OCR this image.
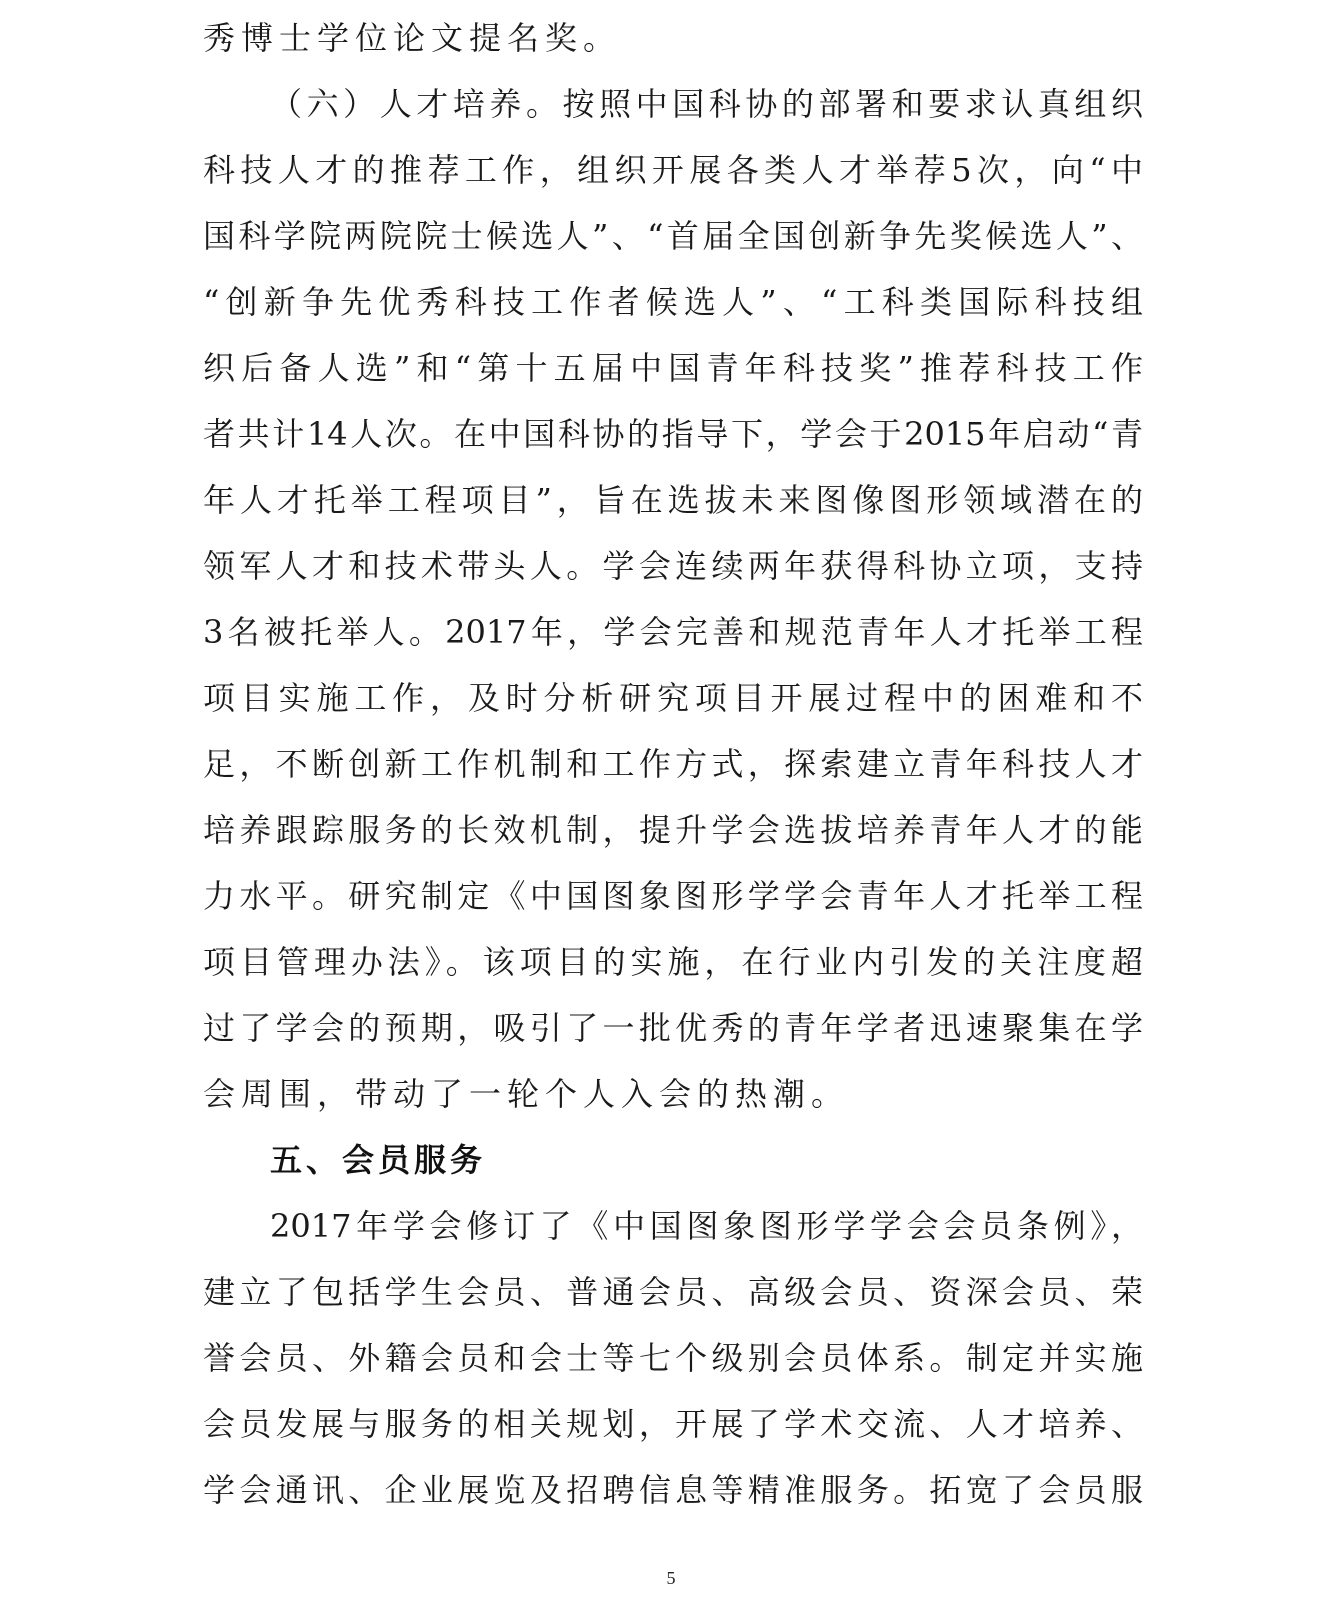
秀博士学位论文提名奖。
（六）人才培养。按照中国科协的部署和要求认真组织
科技人才的推荐工作，组织开展各类人才举荐5次，向“中
国科学院两院院士候选人”、“首届全国创新争先奖候选人”、
“创新争先优秀科技工作者候选人”、“工科类国际科技组
织后备人选”和“第十五届中国青年科技奖”推荐科技工作
者共计14人次。在中国科协的指导下，学会于2015年启动“青
年人才托举工程项目”，旨在选拔未来图像图形领域潜在的
领军人才和技术带头人。学会连续两年获得科协立项，支持
3名被托举人。2017年，学会完善和规范青年人才托举工程
项目实施工作，及时分析研究项目开展过程中的困难和不
足，不断创新工作机制和工作方式，探索建立青年科技人才
培养跟踪服务的长效机制，提升学会选拔培养青年人才的能
力水平。研究制定《中国图象图形学学会青年人才托举工程
项目管理办法》。该项目的实施，在行业内引发的关注度超
过了学会的预期，吸引了一批优秀的青年学者迅速聚集在学
会周围，带动了一轮个人入会的热潮。
五、会员服务
2017年学会修订了《中国图象图形学学会会员条例》，
建立了包括学生会员、普通会员、高级会员、资深会员、荣
誉会员、外籍会员和会士等七个级别会员体系。制定并实施
会员发展与服务的相关规划，开展了学术交流、人才培养、
学会通讯、企业展览及招聘信息等精准服务。拓宽了会员服
5
